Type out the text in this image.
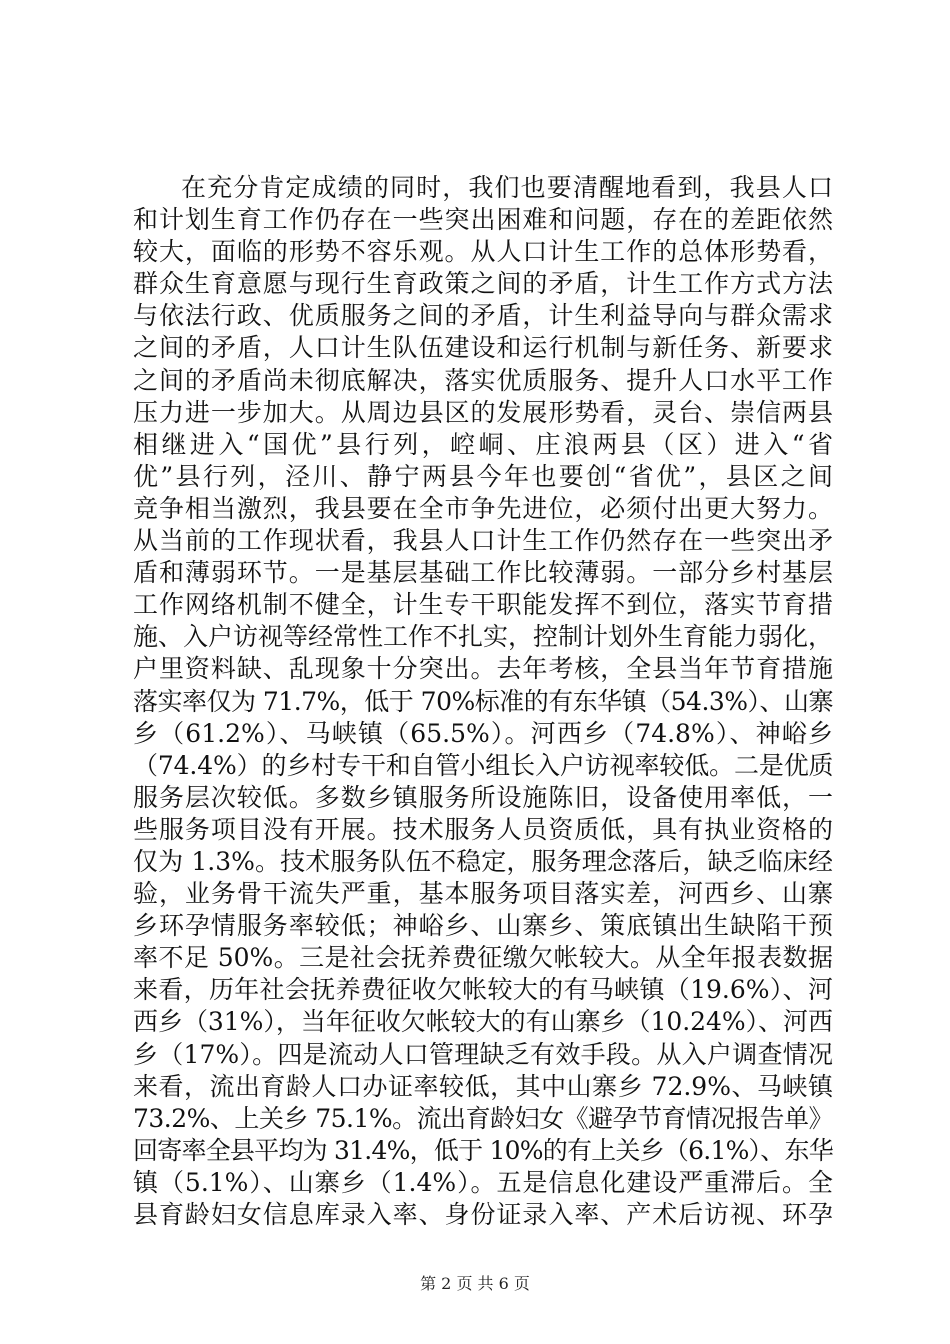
在充分肯定成绩的同时，我们也要清醒地看到，我县人口
和计划生育工作仍存在一些突出困难和问题，存在的差距依然
较大，面临的形势不容乐观。从人口计生工作的总体形势看，
群众生育意愿与现行生育政策之间的矛盾，计生工作方式方法
与依法行政、优质服务之间的矛盾，计生利益导向与群众需求
之间的矛盾，人口计生队伍建设和运行机制与新任务、新要求
之间的矛盾尚未彻底解决，落实优质服务、提升人口水平工作
压力进一步加大。从周边县区的发展形势看，灵台、崇信两县
相继进入“国优”县行列，崆峒、庄浪两县（区）进入“省
优”县行列，泾川、静宁两县今年也要创“省优”，县区之间
竞争相当激烈，我县要在全市争先进位，必须付出更大努力。
从当前的工作现状看，我县人口计生工作仍然存在一些突出矛
盾和薄弱环节。一是基层基础工作比较薄弱。一部分乡村基层
工作网络机制不健全，计生专干职能发挥不到位，落实节育措
施、入户访视等经常性工作不扎实，控制计划外生育能力弱化，
户里资料缺、乱现象十分突出。去年考核，全县当年节育措施
落实率仅为 71.7%，低于 70%标准的有东华镇（54.3%）、山寨
乡（61.2%）、马峡镇（65.5%）。河西乡（74.8%）、神峪乡
（74.4%）的乡村专干和自管小组长入户访视率较低。二是优质
服务层次较低。多数乡镇服务所设施陈旧，设备使用率低，一
些服务项目没有开展。技术服务人员资质低，具有执业资格的
仅为 1.3%。技术服务队伍不稳定，服务理念落后，缺乏临床经
验，业务骨干流失严重，基本服务项目落实差，河西乡、山寨
乡环孕情服务率较低；神峪乡、山寨乡、策底镇出生缺陷干预
率不足 50%。三是社会抚养费征缴欠帐较大。从全年报表数据
来看，历年社会抚养费征收欠帐较大的有马峡镇（19.6%）、河
西乡（31%），当年征收欠帐较大的有山寨乡（10.24%）、河西
乡（17%）。四是流动人口管理缺乏有效手段。从入户调查情况
来看，流出育龄人口办证率较低，其中山寨乡 72.9%、马峡镇
73.2%、上关乡 75.1%。流出育龄妇女《避孕节育情况报告单》
回寄率全县平均为 31.4%，低于 10%的有上关乡（6.1%）、东华
镇（5.1%）、山寨乡（1.4%）。五是信息化建设严重滞后。全
县育龄妇女信息库录入率、身份证录入率、产术后访视、环孕
第 2 页 共 6 页
